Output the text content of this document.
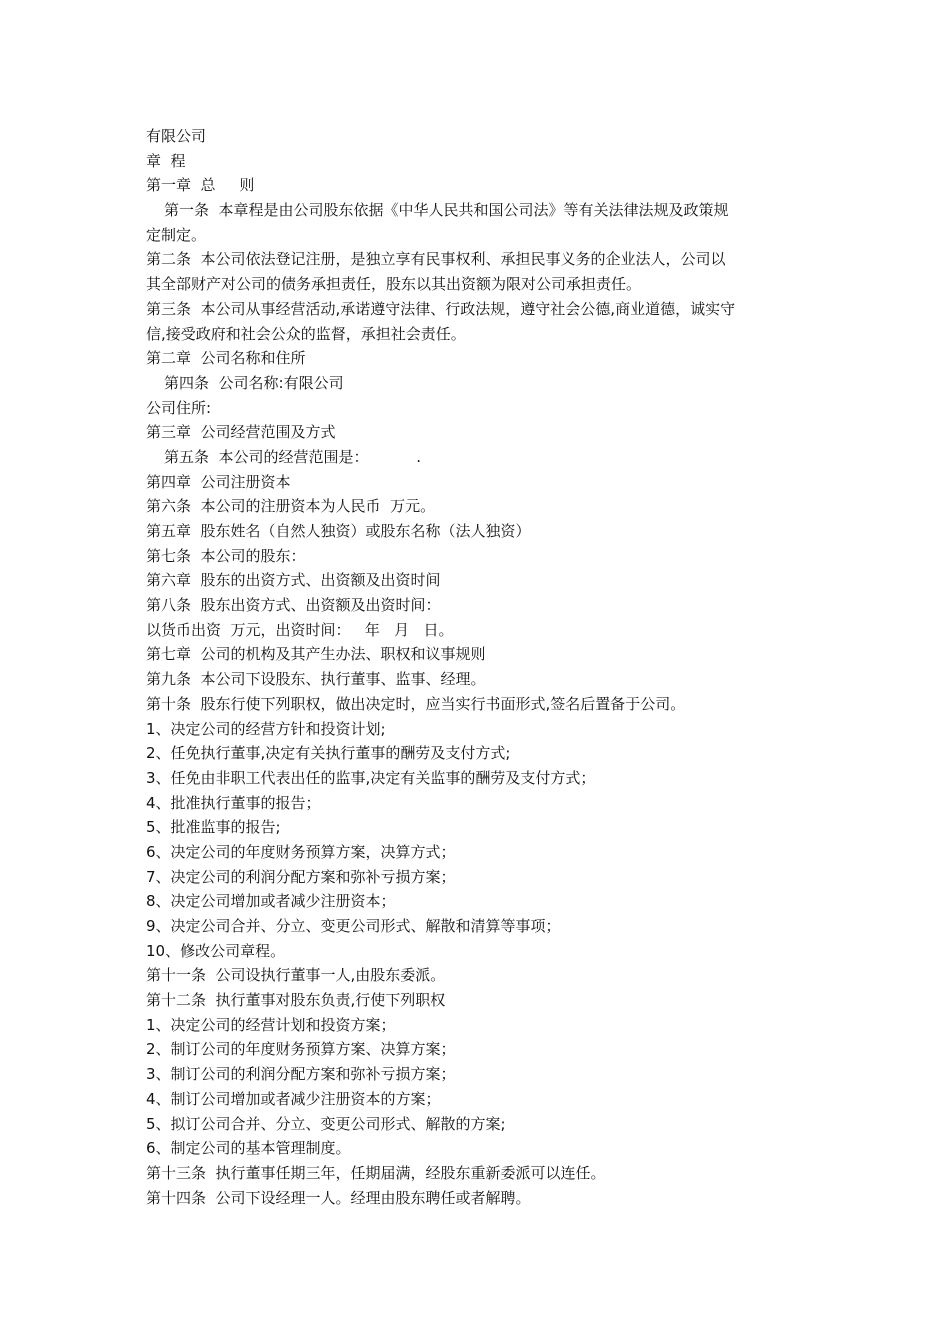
有限公司

章  程

第一章  总     则

第一条  本章程是由公司股东依据《中华人民共和国公司法》等有关法律法规及政策规

定制定。

第二条  本公司依法登记注册，是独立享有民事权利、承担民事义务的企业法人，公司以

其全部财产对公司的债务承担责任，股东以其出资额为限对公司承担责任。

第三条  本公司从事经营活动,承诺遵守法律、行政法规，遵守社会公德,商业道德，诚实守

信,接受政府和社会公众的监督，承担社会责任。

第二章  公司名称和住所

第四条  公司名称:有限公司

公司住所:

第三章  公司经营范围及方式

第五条  本公司的经营范围是：          .

第四章  公司注册资本

第六条  本公司的注册资本为人民币  万元。

第五章  股东姓名（自然人独资）或股东名称（法人独资）

第七条  本公司的股东：

第六章  股东的出资方式、出资额及出资时间

第八条  股东出资方式、出资额及出资时间：

以货币出资  万元，出资时间：   年   月   日。

第七章  公司的机构及其产生办法、职权和议事规则

第九条  本公司下设股东、执行董事、监事、经理。

第十条  股东行使下列职权，做出决定时，应当实行书面形式,签名后置备于公司。

1、决定公司的经营方针和投资计划;

2、任免执行董事,决定有关执行董事的酬劳及支付方式;

3、任免由非职工代表出任的监事,决定有关监事的酬劳及支付方式；

4、批准执行董事的报告；

5、批准监事的报告;

6、决定公司的年度财务预算方案，决算方式；

7、决定公司的利润分配方案和弥补亏损方案；

8、决定公司增加或者减少注册资本；

9、决定公司合并、分立、变更公司形式、解散和清算等事项；

10、修改公司章程。

第十一条  公司设执行董事一人,由股东委派。

第十二条  执行董事对股东负责,行使下列职权

1、决定公司的经营计划和投资方案；

2、制订公司的年度财务预算方案、决算方案；

3、制订公司的利润分配方案和弥补亏损方案；

4、制订公司增加或者减少注册资本的方案；

5、拟订公司合并、分立、变更公司形式、解散的方案;

6、制定公司的基本管理制度。

第十三条  执行董事任期三年，任期届满，经股东重新委派可以连任。

第十四条  公司下设经理一人。经理由股东聘任或者解聘。
